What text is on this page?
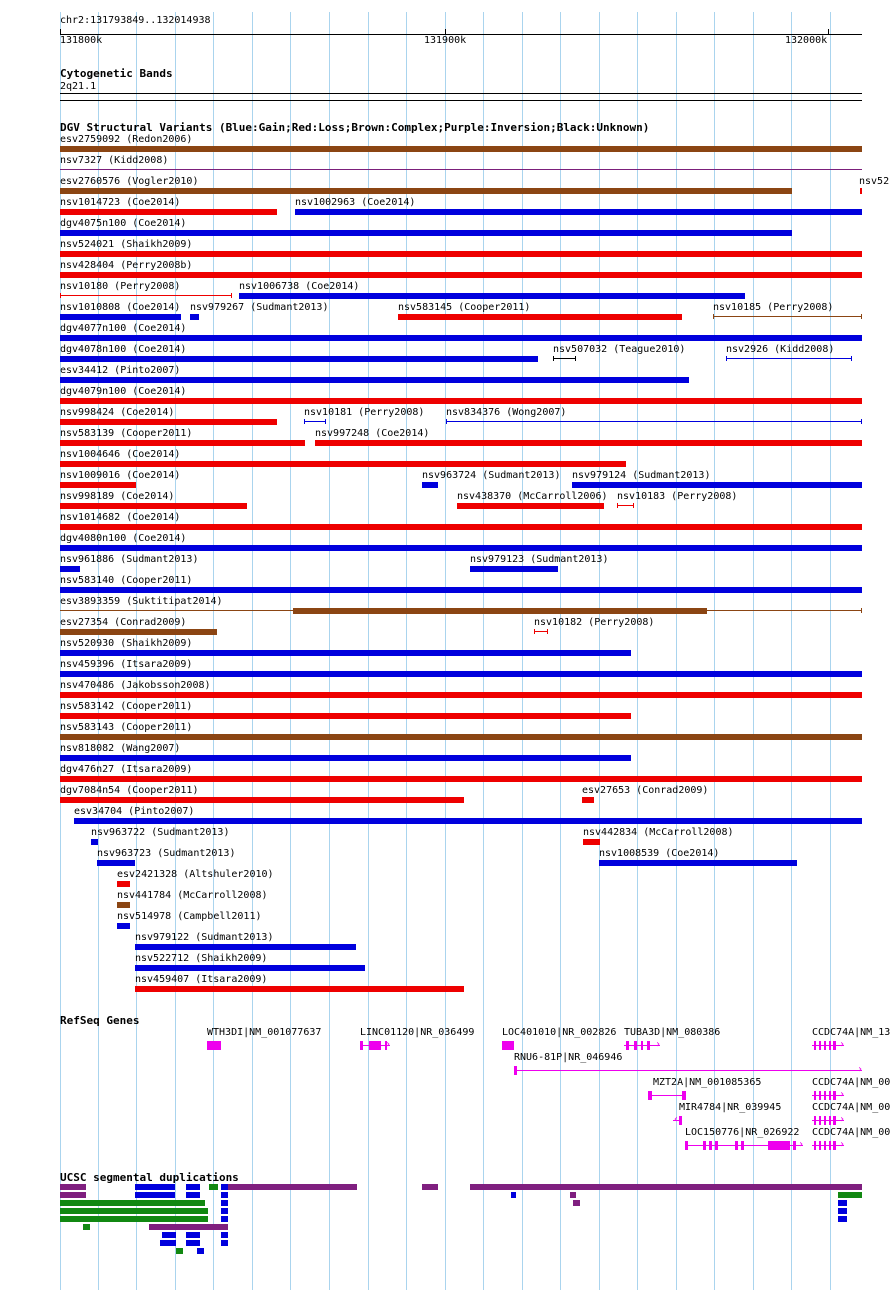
chr2:131793849..132014938
131800k	131900k	132000k
Cytogenetic Bands
2q21.1
DGV Structural Variants (Blue:Gain;Red:Loss;Brown:Complex;Purple:Inversion;Black:Unknown)
esv2759092 (Redon2006)
nsv7327 (Kidd2008)
esv2760576 (Vogler2010)	nsv52
nsv1014723 (Coe2014)	nsv1002963 (Coe2014)
dgv4075n100 (Coe2014)
nsv524021 (Shaikh2009)
nsv428404 (Perry2008b)
nsv10180 (Perry2008)	nsv1006738 (Coe2014)
nsv1010808 (Coe2014) nsv979267 (Sudmant2013)	nsv583145 (Cooper2011)	nsv10185 (Perry2008)
dgv4077n100 (Coe2014)
dgv4078n100 (Coe2014)	nsv507032 (Teague2010)	nsv2926 (Kidd2008)
esv34412 (Pinto2007)
dgv4079n100 (Coe2014)
nsv998424 (Coe2014)	nsv10181 (Perry2008) nsv834376 (Wong2007)
nsv583139 (Cooper2011)	nsv997248 (Coe2014)
nsv1004646 (Coe2014)
nsv1009016 (Coe2014)	nsv963724 (Sudmant2013) nsv979124 (Sudmant2013)
nsv998189 (Coe2014)	nsv438370 (McCarroll2006) nsv10183 (Perry2008)
nsv1014682 (Coe2014)
dgv4080n100 (Coe2014)
nsv961886 (Sudmant2013)	nsv979123 (Sudmant2013)
nsv583140 (Cooper2011)
esv3893359 (Suktitipat2014)
esv27354 (Conrad2009)	nsv10182 (Perry2008)
nsv520930 (Shaikh2009)
nsv459396 (Itsara2009)
nsv470486 (Jakobsson2008)
nsv583142 (Cooper2011)
nsv583143 (Cooper2011)
nsv818082 (Wang2007)
dgv476n27 (Itsara2009)
dgv7084n54 (Cooper2011)	esv27653 (Conrad2009)
esv34704 (Pinto2007)
nsv963722 (Sudmant2013)	nsv442834 (McCarroll2008)
nsv963723 (Sudmant2013)	nsv1008539 (Coe2014)
esv2421328 (Altshuler2010)
nsv441784 (McCarroll2008)
nsv514978 (Campbell2011)
nsv979122 (Sudmant2013)
nsv522712 (Shaikh2009)
nsv459407 (Itsara2009)
RefSeq Genes
WTH3DI|NM_001077637	LINC01120|NR_036499
›
LOC401010|NR_002826 TUBA3D|NM_080386
›
CCDC74A|NM_13
›
RNU6-81P|NR_046946
›
MZT2A|NM_001085365	CCDC74A|NM_00
›
MIR4784|NR_039945
‹
CCDC74A|NM_00
›
LOC150776|NR_026922
›
CCDC74A|NM_00
›
UCSC segmental duplications
